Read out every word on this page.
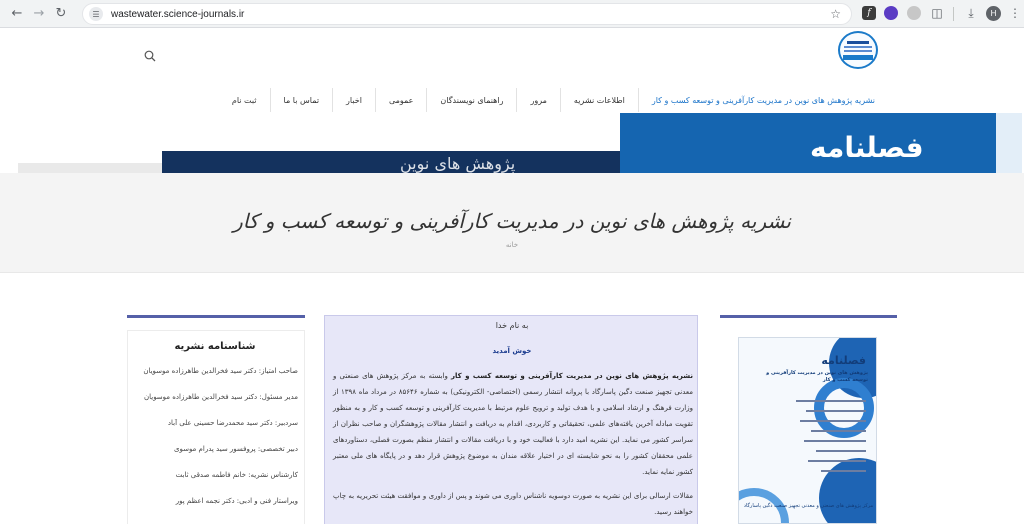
← → ↻	☰	wastewater.science-journals.ir	☆	f	◫	⤓	H	⋮
نشریه پژوهش های نوین در مدیریت کارآفرینی و توسعه کسب و کار
اطلاعات نشریه
مرور
راهنمای نویسندگان
عمومی
اخبار
تماس با ما
ثبت نام
پژوهش های نوین	فصلنامه
نشریه پژوهش های نوین در مدیریت کارآفرینی و توسعه کسب و کار
خانه
شناسنامه نشریه
صاحب امتیاز: دکتر سید فخرالدین طاهرزاده موسویان
مدیر مسئول: دکتر سید فخرالدین طاهرزاده موسویان
سردبیر: دکتر سید محمدرضا حسینی علی آباد
دبیر تخصصی: پروفسور سید پدرام موسوی
کارشناس نشریه: خانم فاطمه صدقی ثابت
ویراستار فنی و ادبی: دکتر نجمه اعظم پور
به نام خدا
خوش آمدید
نشریه پژوهش های نوین در مدیریت کارآفرینی و توسعه کسب و کار وابسته به مرکز پژوهش های صنعتی و معدنی تجهیز صنعت دگین پاسارگاد با پروانه انتشار رسمی (اختصاصی- الکترونیکی) به شماره ۸۵۶۴۶ در مرداد ماه ۱۳۹۸ از وزارت فرهنگ و ارشاد اسلامی و با هدف تولید و ترویج علوم مرتبط با مدیریت کارآفرینی و توسعه کسب و کار و به منظور تقویت مبادله آخرین یافته‌های علمی، تحقیقاتی و کاربردی، اقدام به دریافت و انتشار مقالات پژوهشگران و صاحب نظران از سراسر کشور می نماید. این نشریه امید دارد با فعالیت خود و با دریافت مقالات و انتشار منظم بصورت فصلی، دستاوردهای علمی محققان کشور را به نحو شایسته ای در اختیار علاقه مندان به موضوع پژوهش قرار دهد و در پایگاه های ملی معتبر کشور نمایه نماید.
مقالات ارسالی برای این نشریه به صورت دوسویه ناشناس داوری می شوند و پس از داوری و موافقت هیئت تحریریه به چاپ خواهند رسید.
فصلنامه
پژوهش های نوین در مدیریت کارآفرینی و توسعه کسب و کار
مرکز پژوهش های صنعتی و معدنی تجهیز صنعت دگین پاسارگاد
